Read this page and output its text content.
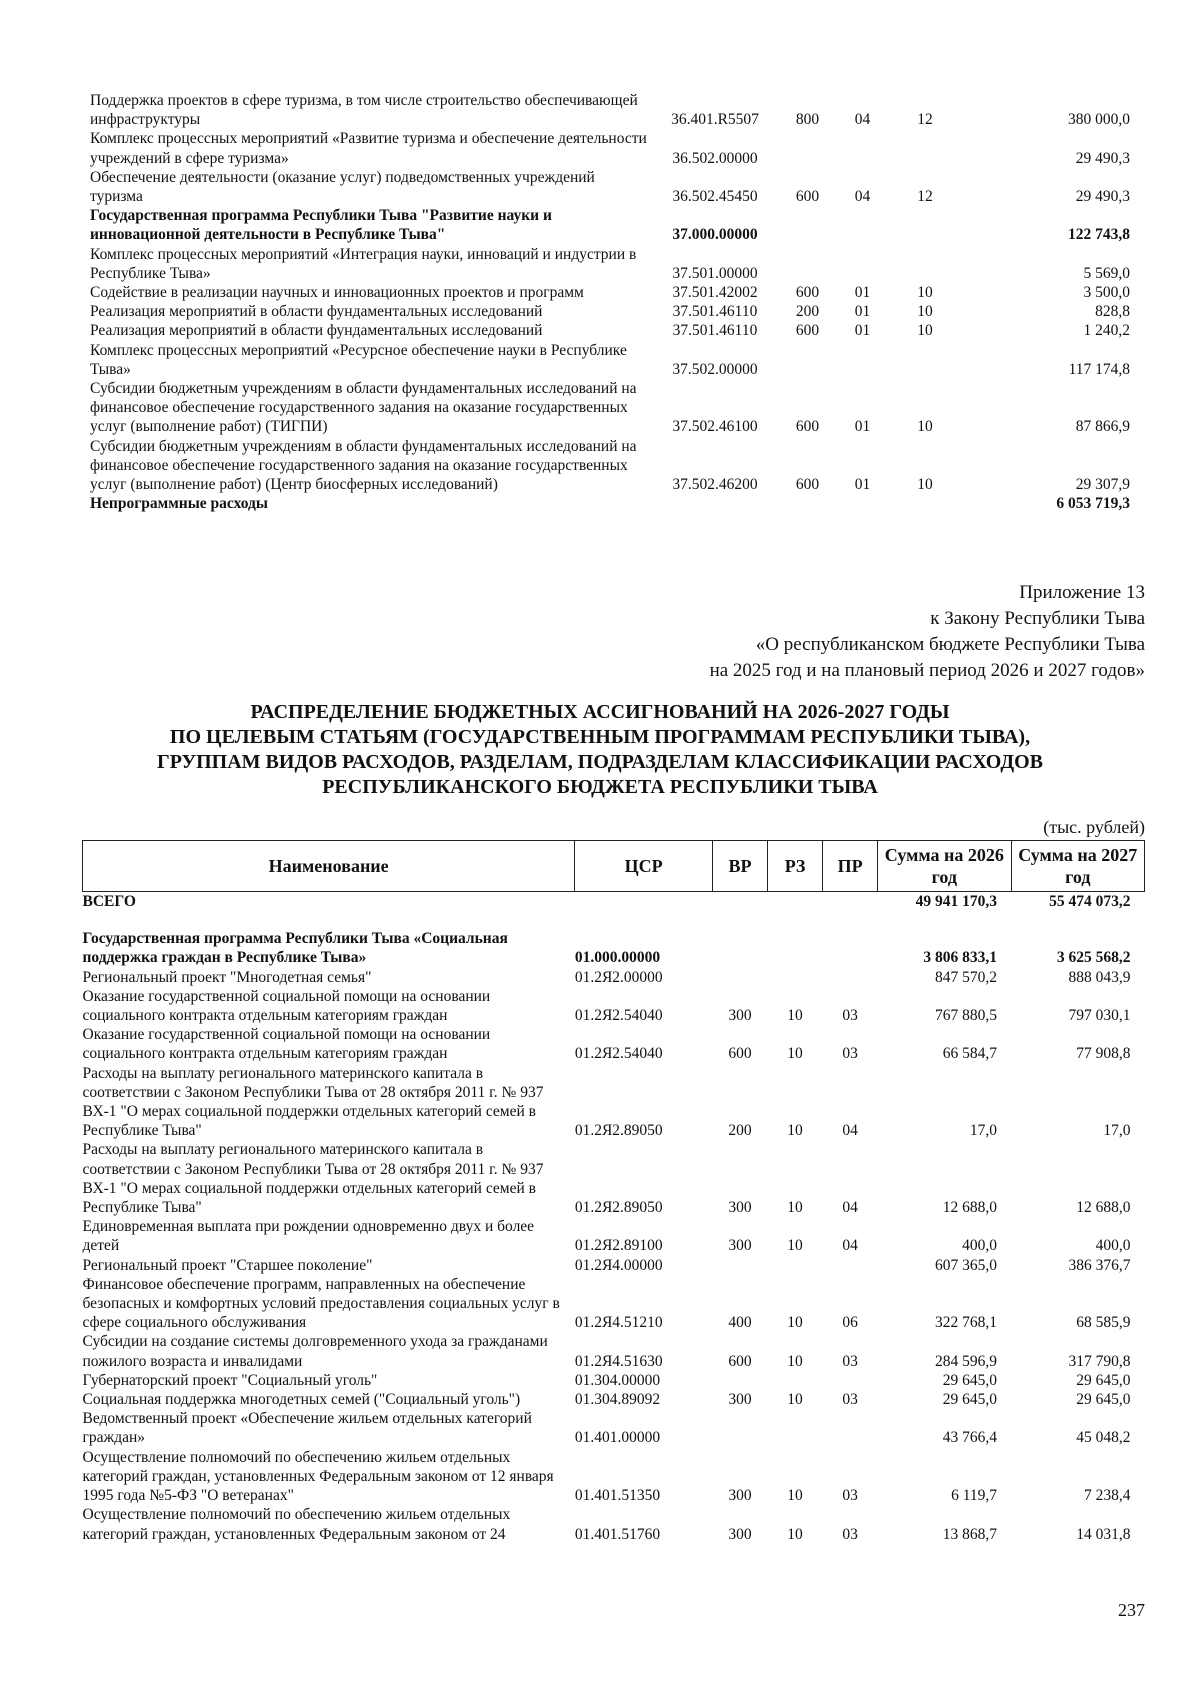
Поддержка проектов в сфере туризма, в том числе строительство обеспечивающей инфраструктуры	36.401.R5507	800	04	12	380 000,0
Комплекс процессных мероприятий «Развитие туризма и обеспечение деятельности учреждений в сфере туризма»	36.502.00000				29 490,3
Обеспечение деятельности (оказание услуг) подведомственных учреждений туризма	36.502.45450	600	04	12	29 490,3
Государственная программа Республики Тыва "Развитие науки и инновационной деятельности в Республике Тыва"	37.000.00000				122 743,8
Комплекс процессных мероприятий «Интеграция науки, инноваций и индустрии в Республике Тыва»	37.501.00000				5 569,0
Содействие в реализации научных и инновационных проектов и программ	37.501.42002	600	01	10	3 500,0
Реализация мероприятий в области фундаментальных исследований	37.501.46110	200	01	10	828,8
Реализация мероприятий в области фундаментальных исследований	37.501.46110	600	01	10	1 240,2
Комплекс процессных мероприятий «Ресурсное обеспечение науки в Республике Тыва»	37.502.00000				117 174,8
Субсидии бюджетным учреждениям в области фундаментальных исследований на финансовое обеспечение государственного задания на оказание государственных услуг (выполнение работ) (ТИГПИ)	37.502.46100	600	01	10	87 866,9
Субсидии бюджетным учреждениям в области фундаментальных исследований на финансовое обеспечение государственного задания на оказание государственных услуг (выполнение работ) (Центр биосферных исследований)	37.502.46200	600	01	10	29 307,9
Непрограммные расходы					6 053 719,3
Приложение 13
к Закону Республики Тыва
«О республиканском бюджете Республики Тыва
на 2025 год и на плановый период 2026 и 2027 годов»
РАСПРЕДЕЛЕНИЕ БЮДЖЕТНЫХ АССИГНОВАНИЙ НА 2026-2027 ГОДЫ
ПО ЦЕЛЕВЫМ СТАТЬЯМ (ГОСУДАРСТВЕННЫМ ПРОГРАММАМ РЕСПУБЛИКИ ТЫВА),
ГРУППАМ ВИДОВ РАСХОДОВ, РАЗДЕЛАМ, ПОДРАЗДЕЛАМ КЛАССИФИКАЦИИ РАСХОДОВ
РЕСПУБЛИКАНСКОГО БЮДЖЕТА РЕСПУБЛИКИ ТЫВА
(тыс. рублей)
Наименование	ЦСР	ВР	РЗ	ПР	Сумма на 2026 год	Сумма на 2027 год
ВСЕГО					49 941 170,3	55 474 073,2

Государственная программа Республики Тыва «Социальная поддержка граждан в Республике Тыва»	01.000.00000				3 806 833,1	3 625 568,2
Региональный проект "Многодетная семья"	01.2Я2.00000				847 570,2	888 043,9
Оказание государственной социальной помощи на основании социального контракта отдельным категориям граждан	01.2Я2.54040	300	10	03	767 880,5	797 030,1
Оказание государственной социальной помощи на основании социального контракта отдельным категориям граждан	01.2Я2.54040	600	10	03	66 584,7	77 908,8
Расходы на выплату регионального материнского капитала в соответствии с Законом Республики Тыва от 28 октября 2011 г. № 937 ВХ-1 "О мерах социальной поддержки отдельных категорий семей в Республике Тыва"	01.2Я2.89050	200	10	04	17,0	17,0
Расходы на выплату регионального материнского капитала в соответствии с Законом Республики Тыва от 28 октября 2011 г. № 937 ВХ-1 "О мерах социальной поддержки отдельных категорий семей в Республике Тыва"	01.2Я2.89050	300	10	04	12 688,0	12 688,0
Единовременная выплата при рождении одновременно двух и более детей	01.2Я2.89100	300	10	04	400,0	400,0
Региональный проект "Старшее поколение"	01.2Я4.00000				607 365,0	386 376,7
Финансовое обеспечение программ, направленных на обеспечение безопасных и комфортных условий предоставления социальных услуг в сфере социального обслуживания	01.2Я4.51210	400	10	06	322 768,1	68 585,9
Субсидии на создание системы долговременного ухода за гражданами пожилого возраста и инвалидами	01.2Я4.51630	600	10	03	284 596,9	317 790,8
Губернаторский проект "Социальный уголь"	01.304.00000				29 645,0	29 645,0
Социальная поддержка многодетных семей ("Социальный уголь")	01.304.89092	300	10	03	29 645,0	29 645,0
Ведомственный проект «Обеспечение жильем отдельных категорий граждан»	01.401.00000				43 766,4	45 048,2
Осуществление полномочий по обеспечению жильем отдельных категорий граждан, установленных Федеральным законом от 12 января 1995 года №5-ФЗ "О ветеранах"	01.401.51350	300	10	03	6 119,7	7 238,4
Осуществление полномочий по обеспечению жильем отдельных категорий граждан, установленных Федеральным законом от 24	01.401.51760	300	10	03	13 868,7	14 031,8
237
